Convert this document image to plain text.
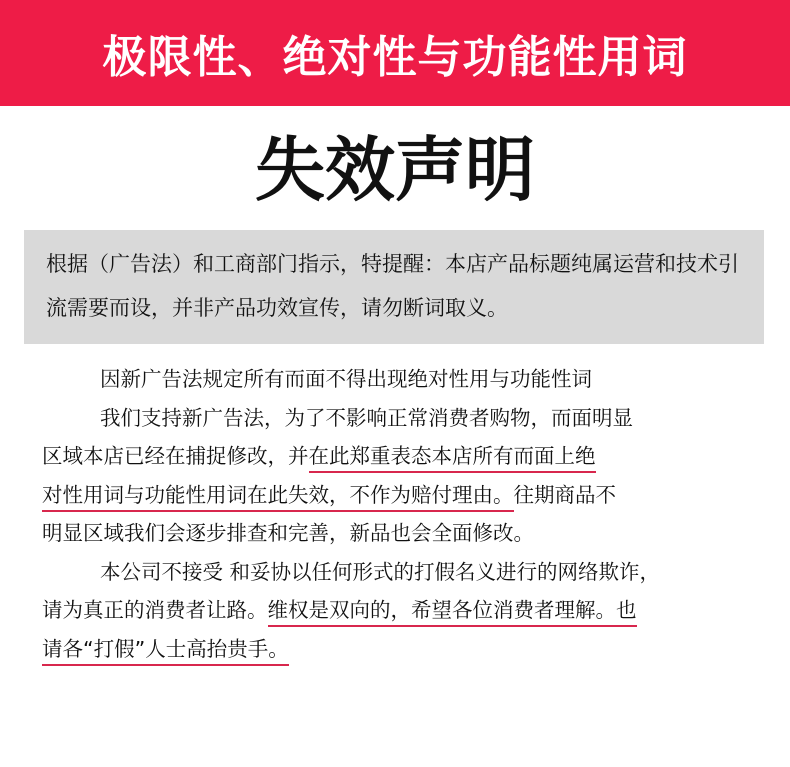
极限性、绝对性与功能性用词
失效声明
根据（广告法）和工商部门指示，特提醒：本店产品标题纯属运营和技术引流需要而设，并非产品功效宣传，请勿断词取义。
因新广告法规定所有而面不得出现绝对性用与功能性词
我们支持新广告法，为了不影响正常消费者购物，而面明显
区域本店已经在捕捉修改，并在此郑重表态本店所有而面上绝
对性用词与功能性用词在此失效，不作为赔付理由。往期商品不
明显区域我们会逐步排查和完善，新品也会全面修改。
本公司不接受 和妥协以任何形式的打假名义进行的网络欺诈，
请为真正的消费者让路。维权是双向的，希望各位消费者理解。也
请各“打假”人士高抬贵手。
